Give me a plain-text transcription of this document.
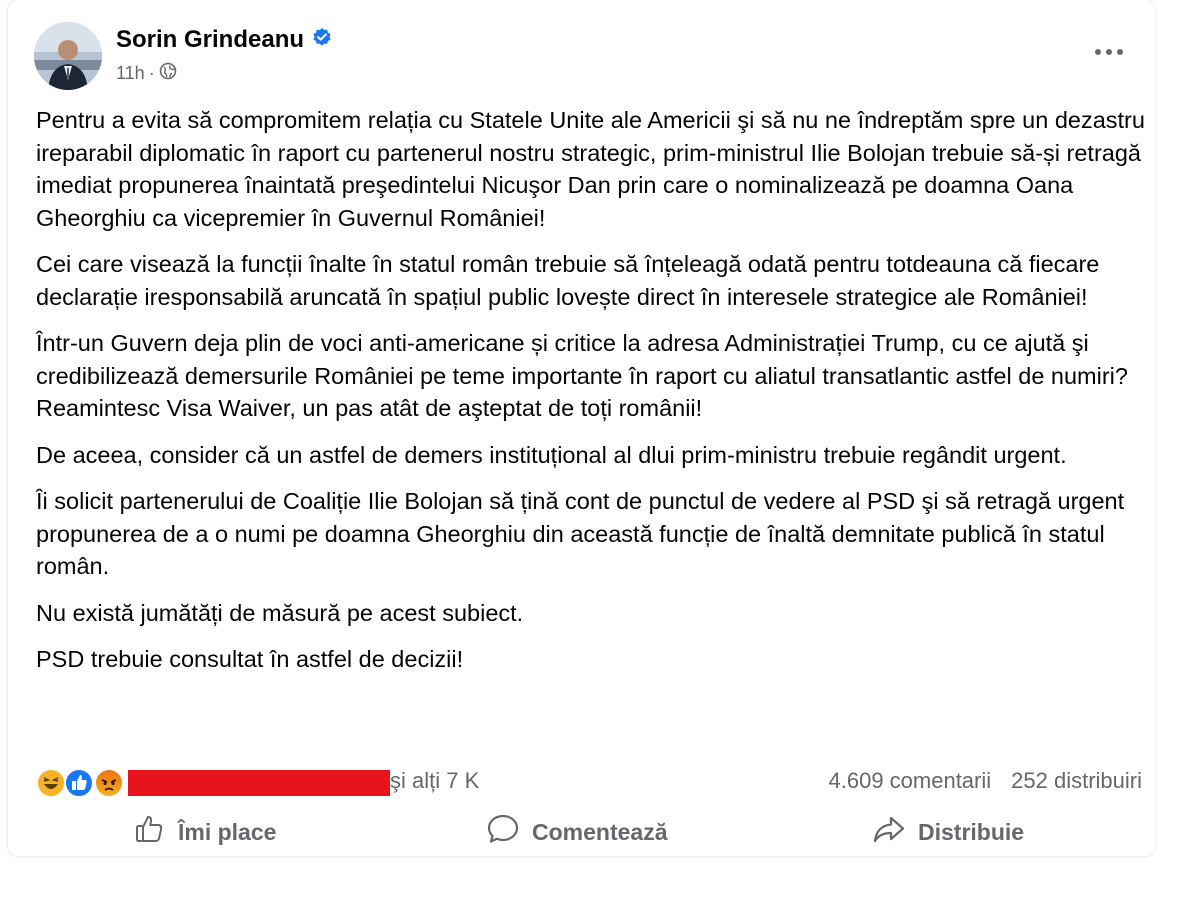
Sorin Grindeanu
11h ·

Pentru a evita să compromitem relația cu Statele Unite ale Americii şi să nu ne îndreptăm spre un dezastru ireparabil diplomatic în raport cu partenerul nostru strategic, prim-ministrul Ilie Bolojan trebuie să-și retragă imediat propunerea înaintată preşedintelui Nicuşor Dan prin care o nominalizează pe doamna Oana Gheorghiu ca vicepremier în Guvernul României!

Cei care visează la funcții înalte în statul român trebuie să înțeleagă odată pentru totdeauna că fiecare declarație iresponsabilă aruncată în spațiul public lovește direct în interesele strategice ale României!

Într-un Guvern deja plin de voci anti-americane și critice la adresa Administrației Trump, cu ce ajută şi credibilizează demersurile României pe teme importante în raport cu aliatul transatlantic astfel de numiri? Reamintesc Visa Waiver, un pas atât de aşteptat de toți românii!

De aceea, consider că un astfel de demers instituțional al dlui prim-ministru trebuie regândit urgent.

Îi solicit partenerului de Coaliție Ilie Bolojan să țină cont de punctul de vedere al PSD şi să retragă urgent propunerea de a o numi pe doamna Gheorghiu din această funcție de înaltă demnitate publică în statul român.

Nu există jumătăți de măsură pe acest subiect.

PSD trebuie consultat în astfel de decizii!

şi alți 7 K	4.609 comentarii 252 distribuiri
Îmi place	Comentează	Distribuie
